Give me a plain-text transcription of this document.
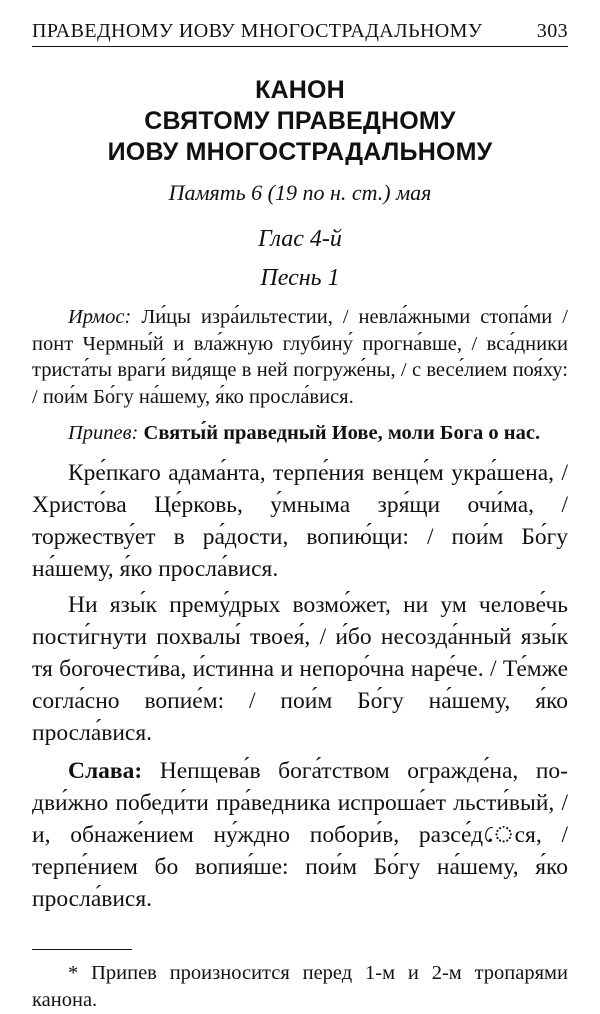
ПРАВЕДНОМУ ИОВУ МНОГОСТРАДАЛЬНОМУ	303
КАНОН
СВЯТОМУ ПРАВЕДНОМУ
ИОВУ МНОГОСТРАДАЛЬНОМУ
Память 6 (19 по н. ст.) мая
Глас 4-й
Песнь 1

Ирмос: Ли́цы изра́ильтестии, / невла́жными стопа́ми / понт Чермны́й и вла́жную глубину́ прогна́вше, / вса́дники триста́ты враги́ ви́дяще в ней погруже́ны, / с весе́лием поя́ху: / пои́м Бо́гу на́шему, я́ко просла́вися.

Припев: Святы́й праведный Иове, моли Бога о нас.

Кре́пкаго адама́нта, терпе́ния венце́м укра́шена, / Христо́ва Це́рковь, у́мныма зря́щи очи́ма, / торжеству́ет в ра́дости, вопию́щи: / пои́м Бо́гу на́шему, я́ко просла́вися.

Ни язы́к прему́дрых возмо́жет, ни ум челове́чь пости́гнути похвалы́ твоея́, / и́бо несозда́нный язы́к тя богочести́ва, и́стинна и непоро́чна наре́че. / Те́мже согла́сно вопие́м: / пои́м Бо́гу на́шему, я́ко просла́вися.

Слава: Непщева́в бога́тством огражде́на, подви́жно победи́ти пра́ведника испроша́ет льсти́вый, / и, обнаже́нием ну́ждно побори́в, разсе́дেся, / терпе́нием бо вопия́ше: пои́м Бо́гу на́шему, я́ко просла́вися.

* Припев произносится перед 1-м и 2-м тропарями канона.
